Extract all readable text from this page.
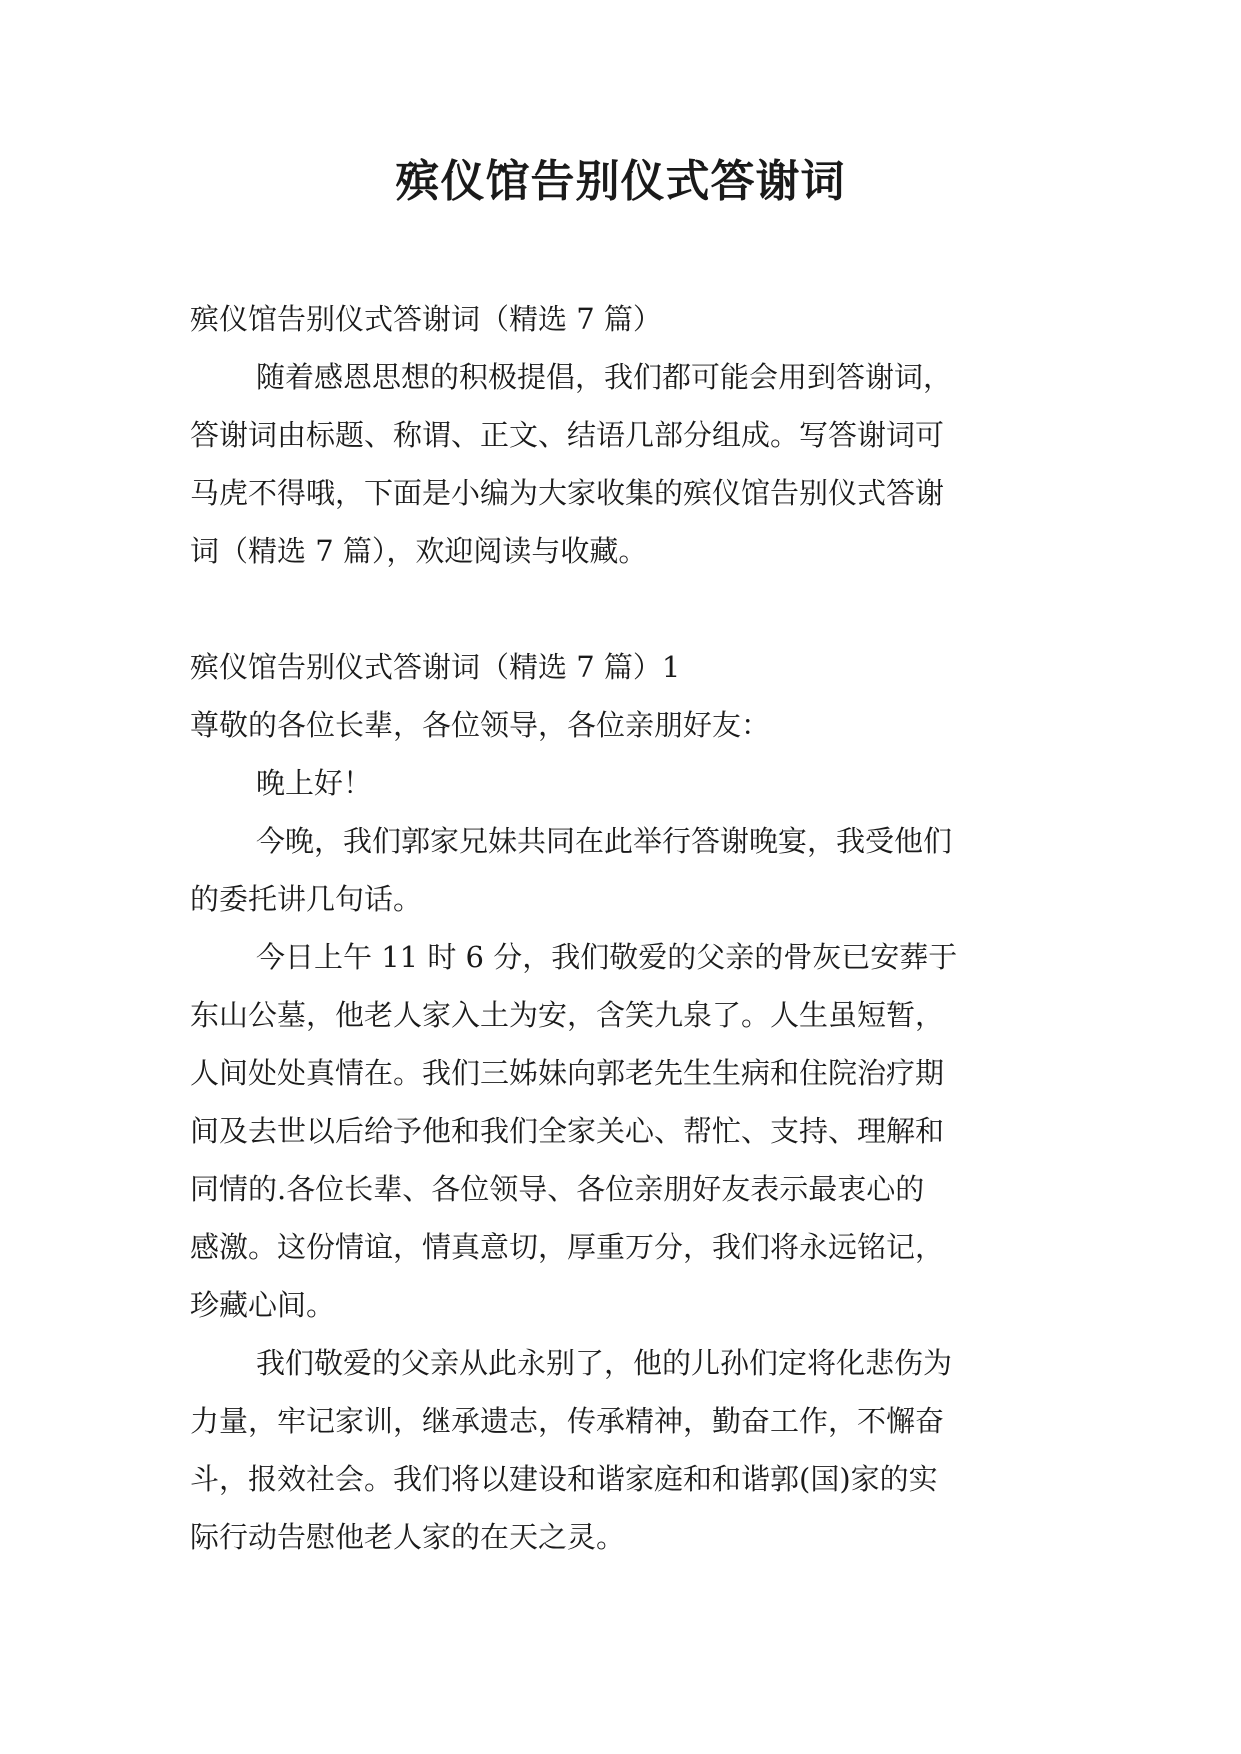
殡仪馆告别仪式答谢词
殡仪馆告别仪式答谢词（精选 7 篇）
随着感恩思想的积极提倡，我们都可能会用到答谢词，
答谢词由标题、称谓、正文、结语几部分组成。写答谢词可
马虎不得哦，下面是小编为大家收集的殡仪馆告别仪式答谢
词（精选 7 篇），欢迎阅读与收藏。
殡仪馆告别仪式答谢词（精选 7 篇）1
尊敬的各位长辈，各位领导，各位亲朋好友：
晚上好！
今晚，我们郭家兄妹共同在此举行答谢晚宴，我受他们
的委托讲几句话。
今日上午 11 时 6 分，我们敬爱的父亲的骨灰已安葬于
东山公墓，他老人家入土为安，含笑九泉了。人生虽短暂，
人间处处真情在。我们三姊妹向郭老先生生病和住院治疗期
间及去世以后给予他和我们全家关心、帮忙、支持、理解和
同情的.各位长辈、各位领导、各位亲朋好友表示最衷心的
感激。这份情谊，情真意切，厚重万分，我们将永远铭记，
珍藏心间。
我们敬爱的父亲从此永别了，他的儿孙们定将化悲伤为
力量，牢记家训，继承遗志，传承精神，勤奋工作，不懈奋
斗，报效社会。我们将以建设和谐家庭和和谐郭(国)家的实
际行动告慰他老人家的在天之灵。
